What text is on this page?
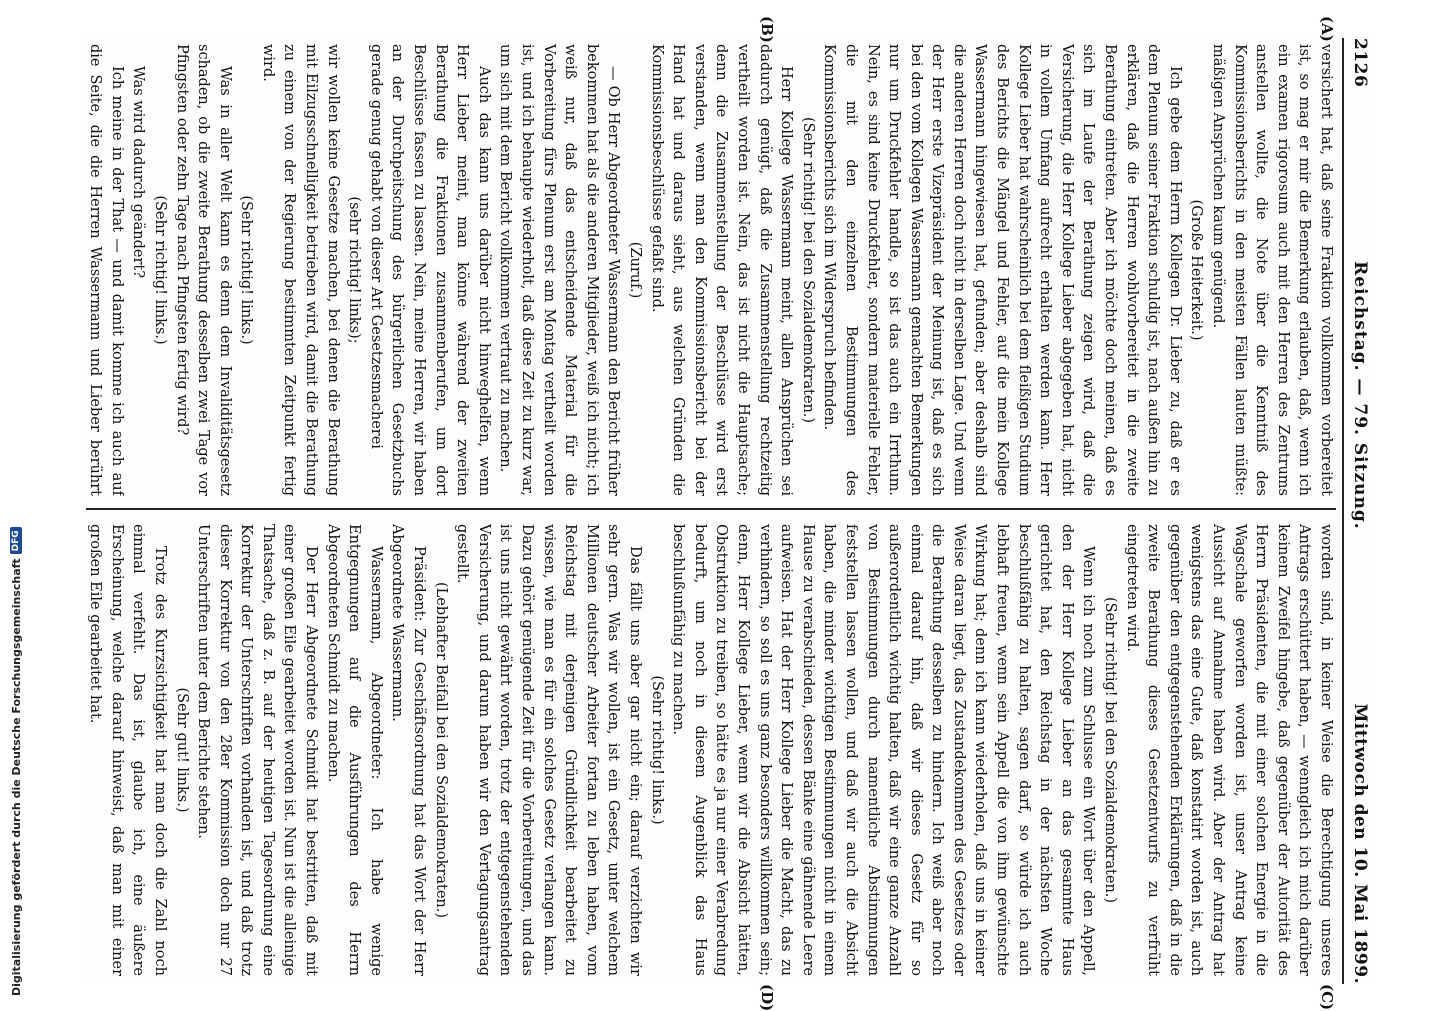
Digitalisierung gefördert durch die Deutsche Forschungsgemeinschaft
DFG
2126
Reichstag. — 79. Sitzung.
Mittwoch den 10. Mai 1899.
(A)
(B)
(C)
(D)

versichert hat, daß seine Fraktion vollkommen vorbereitet ist, so mag er mir die Bemerkung erlauben, daß, wenn ich ein examen rigorosum auch mit den Herren des Zentrums anstellen wollte, die Note über die Kenntniß des Kommissionsberichts in den meisten Fällen lauten müßte: mäßigen Ansprüchen kaum genügend.

(Große Heiterkeit.)

Ich gebe dem Herrn Kollegen Dr. Lieber zu, daß er es dem Plenum seiner Fraktion schuldig ist, nach außen hin zu erklären, daß die Herren wohlvorbereitet in die zweite Berathung eintreten. Aber ich möchte doch meinen, daß es sich im Laufe der Berathung zeigen wird, daß die Versicherung, die Herr Kollege Lieber abgegeben hat, nicht in vollem Umfang aufrecht erhalten werden kann. Herr Kollege Lieber hat wahrscheinlich bei dem fleißigen Studium des Berichts die Mängel und Fehler, auf die mein Kollege Wassermann hingewiesen hat, gefunden; aber deshalb sind die anderen Herren doch nicht in derselben Lage. Und wenn der Herr erste Vizepräsident der Meinung ist, daß es sich bei den vom Kollegen Wassermann gemachten Bemerkungen nur um Druckfehler handle, so ist das auch ein Irrthum. Nein, es sind keine Druckfehler, sondern materielle Fehler, die mit den einzelnen Bestimmungen des Kommissionsberichts sich im Widerspruch befinden.

(Sehr richtig! bei den Sozialdemokraten.)

Herr Kollege Wassermann meint, allen Ansprüchen sei dadurch genügt, daß die Zusammenstellung rechtzeitig vertheilt worden ist. Nein, das ist nicht die Hauptsache; denn die Zusammenstellung der Beschlüsse wird erst verstanden, wenn man den Kommissionsbericht bei der Hand hat und daraus sieht, aus welchen Gründen die Kommissionsbeschlüsse gefaßt sind.

(Zuruf.)

— Ob Herr Abgeordneter Wassermann den Bericht früher bekommen hat als die anderen Mitglieder, weiß ich nicht; ich weiß nur, daß das entscheidende Material für die Vorbereitung fürs Plenum erst am Montag vertheilt worden ist, und ich behaupte wiederholt, daß diese Zeit zu kurz war, um sich mit dem Bericht vollkommen vertraut zu machen.

Auch das kann uns darüber nicht hinweghelfen, wenn Herr Lieber meint, man könne während der zweiten Berathung die Fraktionen zusammenberufen, um dort Beschlüsse fassen zu lassen. Nein, meine Herren, wir haben an der Durchpeitschung des bürgerlichen Gesetzbuchs gerade genug gehabt von dieser Art Gesetzesmacherei

(sehr richtig! links);

wir wollen keine Gesetze machen, bei denen die Berathung mit Eilzugsschnelligkeit betrieben wird, damit die Berathung zu einem von der Regierung bestimmten Zeitpunkt fertig wird.

(Sehr richtig! links.)

Was in aller Welt kann es denn dem Invaliditätsgesetz schaden, ob die zweite Berathung desselben zwei Tage vor Pfingsten oder zehn Tage nach Pfingsten fertig wird?

(Sehr richtig! links.)

Was wird dadurch geändert?

Ich meine in der That — und damit komme ich auch auf die Seite, die die Herren Wassermann und Lieber berührt

worden sind, in keiner Weise die Berechtigung unseres Antrags erschüttert haben, — wenngleich ich mich darüber keinem Zweifel hingebe, daß gegenüber der Autorität des Herrn Präsidenten, die mit einer solchen Energie in die Wagschale geworfen worden ist, unser Antrag keine Aussicht auf Annahme haben wird. Aber der Antrag hat wenigstens das eine Gute, daß konstatirt worden ist, auch gegenüber den entgegenstehenden Erklärungen, daß in die zweite Berathung dieses Gesetzentwurfs zu verfrüht eingetreten wird.

(Sehr richtig! bei den Sozialdemokraten.)

Wenn ich noch zum Schlusse ein Wort über den Appell, den der Herr Kollege Lieber an das gesammte Haus gerichtet hat, den Reichstag in der nächsten Woche beschlußfähig zu halten, sagen darf, so würde ich auch lebhaft freuen, wenn sein Appell die von ihm gewünschte Wirkung hat; denn ich kann wiederholen, daß uns in keiner Weise daran liegt, das Zustandekommen des Gesetzes oder die Berathung desselben zu hindern. Ich weiß aber noch einmal darauf hin, daß wir dieses Gesetz für so außerordentlich wichtig halten, daß wir eine ganze Anzahl von Bestimmungen durch namentliche Abstimmungen feststellen lassen wollen, und daß wir auch die Absicht haben, die minder wichtigen Bestimmungen nicht in einem Hause zu verabschieden, dessen Bänke eine gähnende Leere aufweisen. Hat der Herr Kollege Lieber die Macht, das zu verhindern, so soll es uns ganz besonders willkommen sein; denn, Herr Kollege Lieber, wenn wir die Absicht hätten, Obstruktion zu treiben, so hätte es ja nur einer Verabredung bedurft, um noch in diesem Augenblick das Haus beschlußunfähig zu machen.

(Sehr richtig! links.)

Das fällt uns aber gar nicht ein; darauf verzichten wir sehr gern. Was wir wollen, ist ein Gesetz, unter welchem Millionen deutscher Arbeiter fortan zu leben haben, vom Reichstag mit derjenigen Gründlichkeit bearbeitet zu wissen, wie man es für ein solches Gesetz verlangen kann. Dazu gehört genügende Zeit für die Vorbereitungen, und das ist uns nicht gewährt worden, trotz der entgegenstehenden Versicherung, und darum haben wir den Vertagungsantrag gestellt.

(Lebhafter Beifall bei den Sozialdemokraten.)

Präsident: Zur Geschäftsordnung hat das Wort der Herr Abgeordnete Wassermann.

Wassermann, Abgeordneter: Ich habe wenige Entgegnungen auf die Ausführungen des Herrn Abgeordneten Schmidt zu machen.

Der Herr Abgeordnete Schmidt hat bestritten, daß mit einer großen Eile gearbeitet worden ist. Nun ist die alleinige Thatsache, daß z. B. auf der heutigen Tagesordnung eine Korrektur der Unterschriften vorhanden ist, und daß trotz dieser Korrektur von den 28er Kommission doch nur 27 Unterschriften unter dem Berichte stehen.

(Sehr gut! links.)

Trotz des Kurzsichtigkeit hat man doch die Zahl noch einmal verfehlt. Das ist, glaube ich, eine äußere Erscheinung, welche darauf hinweist, daß man mit einer großen Eile gearbeitet hat.
